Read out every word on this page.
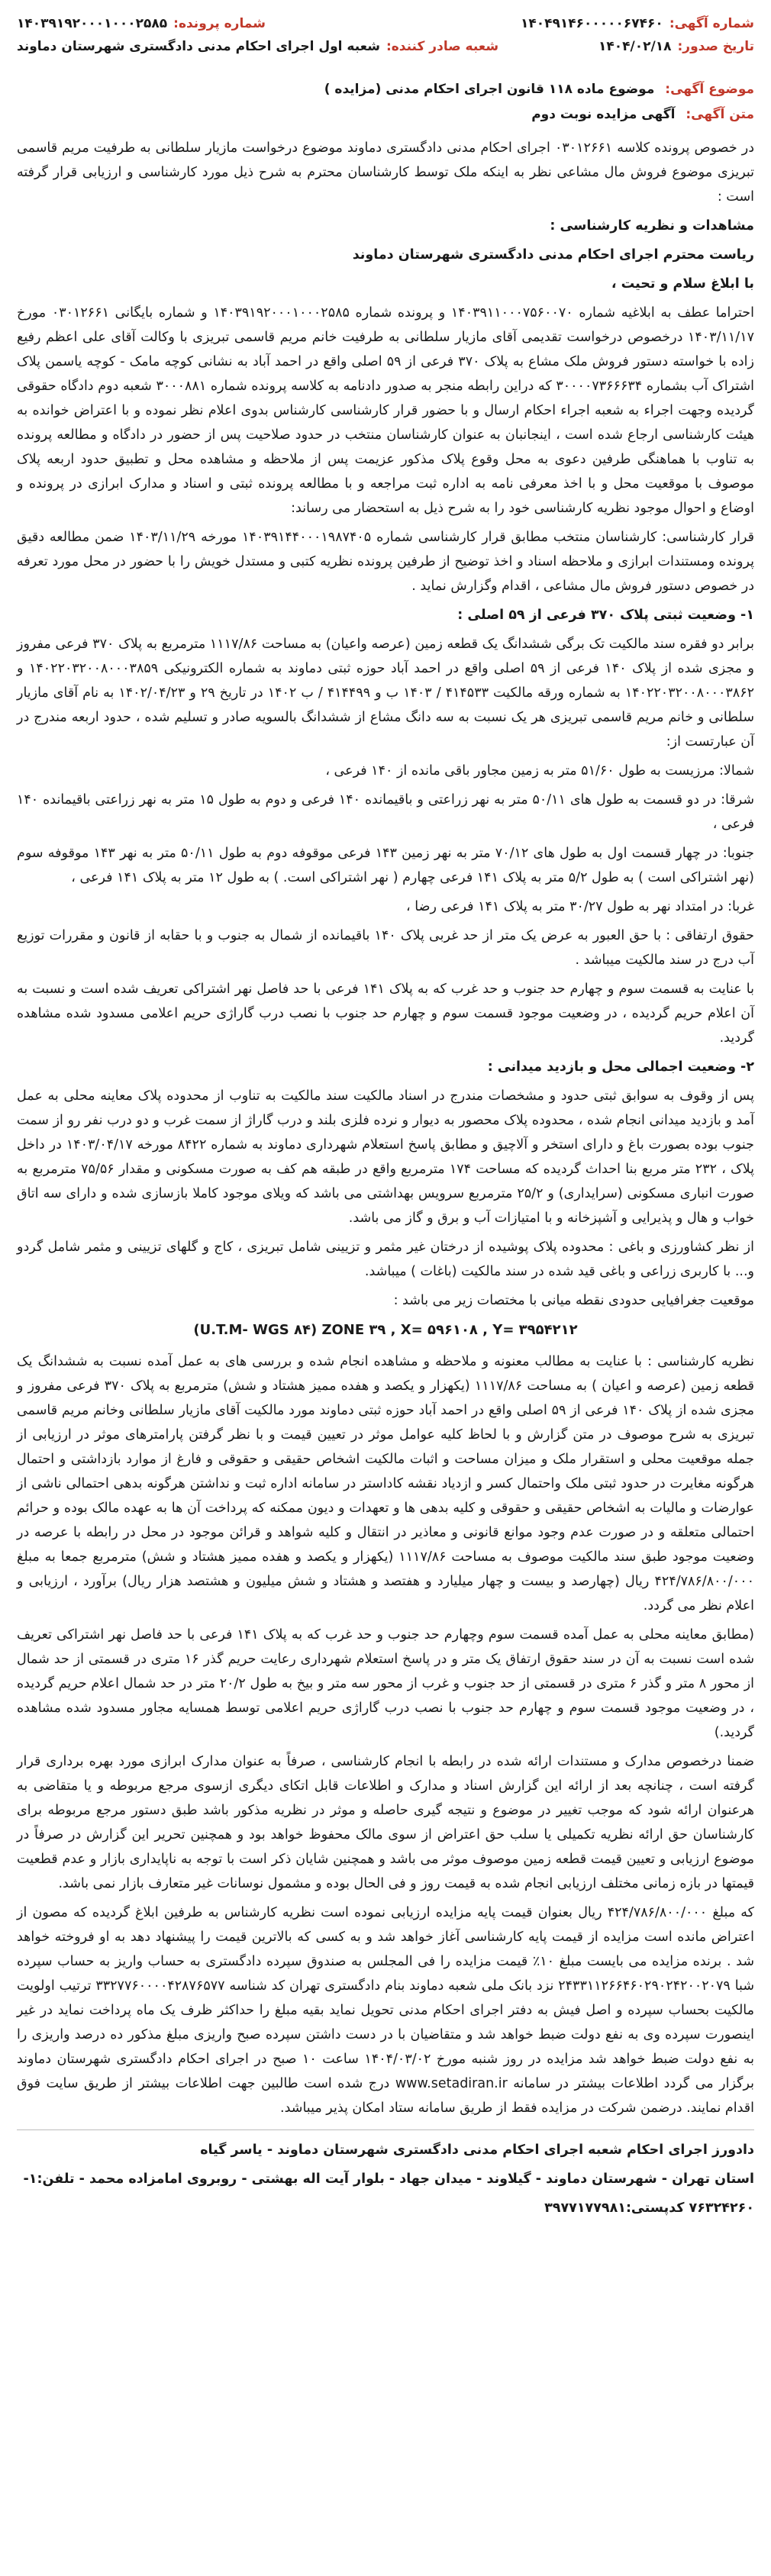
شماره آگهی:
۱۴۰۴۹۱۴۶۰۰۰۰۰۶۷۴۶۰
شماره پرونده:
۱۴۰۳۹۱۹۲۰۰۰۱۰۰۰۲۵۸۵
تاریخ صدور:
۱۴۰۴/۰۲/۱۸
شعبه صادر کننده:
شعبه اول اجرای احکام مدنی دادگستری شهرستان دماوند
موضوع آگهی: موضوع ماده ۱۱۸ قانون اجرای احکام مدنی (مزایده )
متن آگهی: آگهی مزایده نوبت دوم

در خصوص پرونده کلاسه ۰۳۰۱۲۶۶۱ اجرای احکام مدنی دادگستری دماوند موضوع درخواست مازیار سلطانی به طرفیت مریم قاسمی تبریزی موضوع فروش مال مشاعی نظر به اینکه ملک توسط کارشناسان محترم به شرح ذیل مورد کارشناسی و ارزیابی قرار گرفته است :

مشاهدات و نظریه کارشناسی :

ریاست محترم اجرای احکام مدنی دادگستری شهرستان دماوند

با ابلاغ سلام و تحیت ،

احتراما عطف به ابلاغیه شماره ۱۴۰۳۹۱۱۰۰۰۷۵۶۰۰۷۰ و پرونده شماره ۱۴۰۳۹۱۹۲۰۰۰۱۰۰۰۲۵۸۵ و شماره بایگانی ۰۳۰۱۲۶۶۱ مورخ ۱۴۰۳/۱۱/۱۷ درخصوص درخواست تقدیمی آقای مازیار سلطانی به طرفیت خانم مریم قاسمی تبریزی با وکالت آقای علی اعظم رفیع زاده با خواسته دستور فروش ملک مشاع به پلاک ۳۷۰ فرعی از ۵۹ اصلی واقع در احمد آباد به نشانی کوچه مامک - کوچه یاسمن پلاک اشتراک آب بشماره ۳۰۰۰۰۷۳۶۶۶۳۴ که دراین رابطه منجر به صدور دادنامه به کلاسه پرونده شماره ۳۰۰۰۸۸۱ شعبه دوم دادگاه حقوقی گردیده وجهت اجراء به شعبه اجراء احکام ارسال و با حضور قرار کارشناسی کارشناس بدوی اعلام نظر نموده و با اعتراض خوانده به هیئت کارشناسی ارجاع شده است ، اینجانبان به عنوان کارشناسان منتخب در حدود صلاحیت پس از حضور در دادگاه و مطالعه پرونده به تناوب با هماهنگی طرفین دعوی به محل وقوع پلاک مذکور عزیمت پس از ملاحظه و مشاهده محل و تطبیق حدود اربعه پلاک موصوف با موقعیت محل و با اخذ معرفی نامه به اداره ثبت مراجعه و با مطالعه پرونده ثبتی و اسناد و مدارک ابرازی در پرونده و اوضاع و احوال موجود نظریه کارشناسی خود را به شرح ذیل به استحضار می رساند:

قرار کارشناسی: کارشناسان منتخب مطابق قرار کارشناسی شماره ۱۴۰۳۹۱۴۴۰۰۰۱۹۸۷۴۰۵ مورخه ۱۴۰۳/۱۱/۲۹ ضمن مطالعه دقیق پرونده ومستندات ابرازی و ملاحظه اسناد و اخذ توضیح از طرفین پرونده نظریه کتبی و مستدل خویش را با حضور در محل مورد تعرفه در خصوص دستور فروش مال مشاعی ، اقدام وگزارش نماید .

۱- وضعیت ثبتی پلاک ۳۷۰ فرعی از ۵۹ اصلی :

برابر دو فقره سند مالکیت تک برگی ششدانگ یک قطعه زمین (عرصه واعیان) به مساحت ۱۱۱۷/۸۶ مترمربع به پلاک ۳۷۰ فرعی مفروز و مجزی شده از پلاک ۱۴۰ فرعی از ۵۹ اصلی واقع در احمد آباد حوزه ثبتی دماوند به شماره الکترونیکی ۱۴۰۲۲۰۳۲۰۰۸۰۰۰۳۸۵۹ و ۱۴۰۲۲۰۳۲۰۰۸۰۰۰۳۸۶۲ به شماره ورقه مالکیت ۴۱۴۵۳۳ / ۱۴۰۳ ب و ۴۱۴۴۹۹ / ب ۱۴۰۲ در تاریخ ۲۹ و ۱۴۰۲/۰۴/۲۳ به نام آقای مازیار سلطانی و خانم مریم قاسمی تبریزی هر یک نسبت به سه دانگ مشاع از ششدانگ بالسویه صادر و تسلیم شده ، حدود اربعه مندرج در آن عبارتست از:

شمالا: مرزیست به طول ۵۱/۶۰ متر به زمین مجاور باقی مانده از ۱۴۰ فرعی ،

شرقا: در دو قسمت به طول های ۵۰/۱۱ متر به نهر زراعتی و باقیمانده ۱۴۰ فرعی و دوم به طول ۱۵ متر به نهر زراعتی باقیمانده ۱۴۰ فرعی ،

جنوبا: در چهار قسمت اول به طول های ۷۰/۱۲ متر به نهر زمین ۱۴۳ فرعی موقوفه دوم به طول ۵۰/۱۱ متر به نهر ۱۴۳ موقوفه سوم (نهر اشتراکی است ) به طول ۵/۲ متر به پلاک ۱۴۱ فرعی چهارم ( نهر اشتراکی است. ) به طول ۱۲ متر به پلاک ۱۴۱ فرعی ،

غربا: در امتداد نهر به طول ۳۰/۲۷ متر به پلاک ۱۴۱ فرعی رضا ،

حقوق ارتفاقی : با حق العبور به عرض یک متر از حد غربی پلاک ۱۴۰ باقیمانده از شمال به جنوب و با حقابه از قانون و مقررات توزیع آب درج در سند مالکیت میباشد .

با عنایت به قسمت سوم و چهارم حد جنوب و حد غرب که به پلاک ۱۴۱ فرعی با حد فاصل نهر اشتراکی تعریف شده است و نسبت به آن اعلام حریم گردیده ، در وضعیت موجود قسمت سوم و چهارم حد جنوب با نصب درب گاراژی حریم اعلامی مسدود شده مشاهده گردید.

۲- وضعیت اجمالی محل و بازدید میدانی :

پس از وقوف به سوابق ثبتی حدود و مشخصات مندرج در اسناد مالکیت سند مالکیت به تناوب از محدوده پلاک معاینه محلی به عمل آمد و بازدید میدانی انجام شده ، محدوده پلاک محصور به دیوار و نرده فلزی بلند و درب گاراژ از سمت غرب و دو درب نفر رو از سمت جنوب بوده بصورت باغ و دارای استخر و آلاچیق و مطابق پاسخ استعلام شهرداری دماوند به شماره ۸۴۲۲ مورخه ۱۴۰۳/۰۴/۱۷ در داخل پلاک ، ۲۳۲ متر مربع بنا احداث گردیده که مساحت ۱۷۴ مترمربع واقع در طبقه هم کف به صورت مسکونی و مقدار ۷۵/۵۶ مترمربع به صورت انباری مسکونی (سرایداری) و ۲۵/۲ مترمربع سرویس بهداشتی می باشد که ویلای موجود کاملا بازسازی شده و دارای سه اتاق خواب و هال و پذیرایی و آشپزخانه و با امتیازات آب و برق و گاز می باشد.

از نظر کشاورزی و باغی : محدوده پلاک پوشیده از درختان غیر مثمر و تزیینی شامل تبریزی ، کاج و گلهای تزیینی و مثمر شامل گردو و... با کاربری زراعی و باغی قید شده در سند مالکیت (باغات ) میباشد.

موقعیت جغرافیایی حدودی نقطه میانی با مختصات زیر می باشد :

(U.T.M- WGS ۸۴) ZONE ۳۹ , X= ۵۹۶۱۰۸ , Y= ۳۹۵۴۲۱۲

نظریه کارشناسی : با عنایت به مطالب معنونه و ملاحظه و مشاهده انجام شده و بررسی های به عمل آمده نسبت به ششدانگ یک قطعه زمین (عرصه و اعیان ) به مساحت ۱۱۱۷/۸۶ (یکهزار و یکصد و هفده ممیز هشتاد و شش) مترمربع به پلاک ۳۷۰ فرعی مفروز و مجزی شده از پلاک ۱۴۰ فرعی از ۵۹ اصلی واقع در احمد آباد حوزه ثبتی دماوند مورد مالکیت آقای مازیار سلطانی وخانم مریم قاسمی تبریزی به شرح موصوف در متن گزارش و با لحاظ کلیه عوامل موثر در تعیین قیمت و با نظر گرفتن پارامترهای موثر در ارزیابی از جمله موقعیت محلی و استقرار ملک و میزان مساحت و اثبات مالکیت اشخاص حقیقی و حقوقی و فارغ از موارد بازداشتی و احتمال هرگونه مغایرت در حدود ثبتی ملک واحتمال کسر و ازدیاد نقشه کاداستر در سامانه اداره ثبت و نداشتن هرگونه بدهی احتمالی ناشی از عوارضات و مالیات به اشخاص حقیقی و حقوقی و کلیه بدهی ها و تعهدات و دیون ممکنه که پرداخت آن ها به عهده مالک بوده و حرائم احتمالی متعلقه و در صورت عدم وجود موانع قانونی و معاذیر در انتقال و کلیه شواهد و قرائن موجود در محل در رابطه با عرصه در وضعیت موجود طبق سند مالکیت موصوف به مساحت ۱۱۱۷/۸۶ (یکهزار و یکصد و هفده ممیز هشتاد و شش) مترمربع جمعا به مبلغ ۴۲۴/۷۸۶/۸۰۰/۰۰۰ ریال (چهارصد و بیست و چهار میلیارد و هفتصد و هشتاد و شش میلیون و هشتصد هزار ریال) برآورد ، ارزیابی و اعلام نظر می گردد.

(مطابق معاینه محلی به عمل آمده قسمت سوم وچهارم حد جنوب و حد غرب که به پلاک ۱۴۱ فرعی با حد فاصل نهر اشتراکی تعریف شده است نسبت به آن در سند حقوق ارتفاق یک متر و در پاسخ استعلام شهرداری رعایت حریم گذر ۱۶ متری در قسمتی از حد شمال از محور ۸ متر و گذر ۶ متری در قسمتی از حد جنوب و غرب از محور سه متر و بیخ به طول ۲۰/۲ متر در حد شمال اعلام حریم گردیده ، در وضعیت موجود قسمت سوم و چهارم حد جنوب با نصب درب گاراژی حریم اعلامی توسط همسایه مجاور مسدود شده مشاهده گردید.)

ضمنا درخصوص مدارک و مستندات ارائه شده در رابطه با انجام کارشناسی ، صرفاً به عنوان مدارک ابرازی مورد بهره برداری قرار گرفته است ، چنانچه بعد از ارائه این گزارش اسناد و مدارک و اطلاعات قابل اتکای دیگری ازسوی مرجع مربوطه و یا متقاضی به هرعنوان ارائه شود که موجب تغییر در موضوع و نتیجه گیری حاصله و موثر در نظریه مذکور باشد طبق دستور مرجع مربوطه برای کارشناسان حق ارائه نظریه تکمیلی یا سلب حق اعتراض از سوی مالک محفوظ خواهد بود و همچنین تحریر این گزارش در صرفاً در موضوع ارزیابی و تعیین قیمت قطعه زمین موصوف موثر می باشد و همچنین شایان ذکر است با توجه به ناپایداری بازار و عدم قطعیت قیمتها در بازه زمانی مختلف ارزیابی انجام شده به قیمت روز و فی الحال بوده و مشمول نوسانات غیر متعارف بازار نمی باشد.

که مبلغ ۴۲۴/۷۸۶/۸۰۰/۰۰۰ ریال بعنوان قیمت پایه مزایده ارزیابی نموده است نظریه کارشناس به طرفین ابلاغ گردیده که مصون از اعتراض مانده است مزایده از قیمت پایه کارشناسی آغاز خواهد شد و به کسی که بالاترین قیمت را پیشنهاد دهد به او فروخته خواهد شد . برنده مزایده می بایست مبلغ ۱۰٪ قیمت مزایده را فی المجلس به صندوق سپرده دادگستری به حساب واریز به حساب سپرده شبا ۲۴۳۳۱۱۲۶۶۴۶۰۲۹۰۲۴۲۰۰۲۰۷۹ نزد بانک ملی شعبه دماوند بنام دادگستری تهران کد شناسه ۳۳۲۷۷۶۰۰۰۰۴۲۸۷۶۵۷۷ ترتیب اولویت مالکیت بحساب سپرده و اصل فیش به دفتر اجرای احکام مدنی تحویل نماید بقیه مبلغ را حداکثر ظرف یک ماه پرداخت نماید در غیر اینصورت سپرده وی به نفع دولت ضبط خواهد شد و متقاضیان با در دست داشتن سپرده صبح واریزی مبلغ مذکور ده درصد واریزی را به نفع دولت ضبط خواهد شد مزایده در روز شنبه مورخ ۱۴۰۴/۰۳/۰۲ ساعت ۱۰ صبح در اجرای احکام دادگستری شهرستان دماوند برگزار می گردد اطلاعات بیشتر در سامانه www.setadiran.ir درج شده است طالبین جهت اطلاعات بیشتر از طریق سایت فوق اقدام نمایند. درضمن شرکت در مزایده فقط از طریق سامانه ستاد امکان پذیر میباشد.

دادورز اجرای احکام شعبه اجرای احکام مدنی دادگستری شهرستان دماوند - یاسر گیاه

استان تهران - شهرستان دماوند - گیلاوند - میدان جهاد - بلوار آیت اله بهشتی - روبروی امامزاده محمد - تلفن:۱-

۷۶۳۲۴۲۶۰ کدپستی:۳۹۷۷۱۷۷۹۸۱
